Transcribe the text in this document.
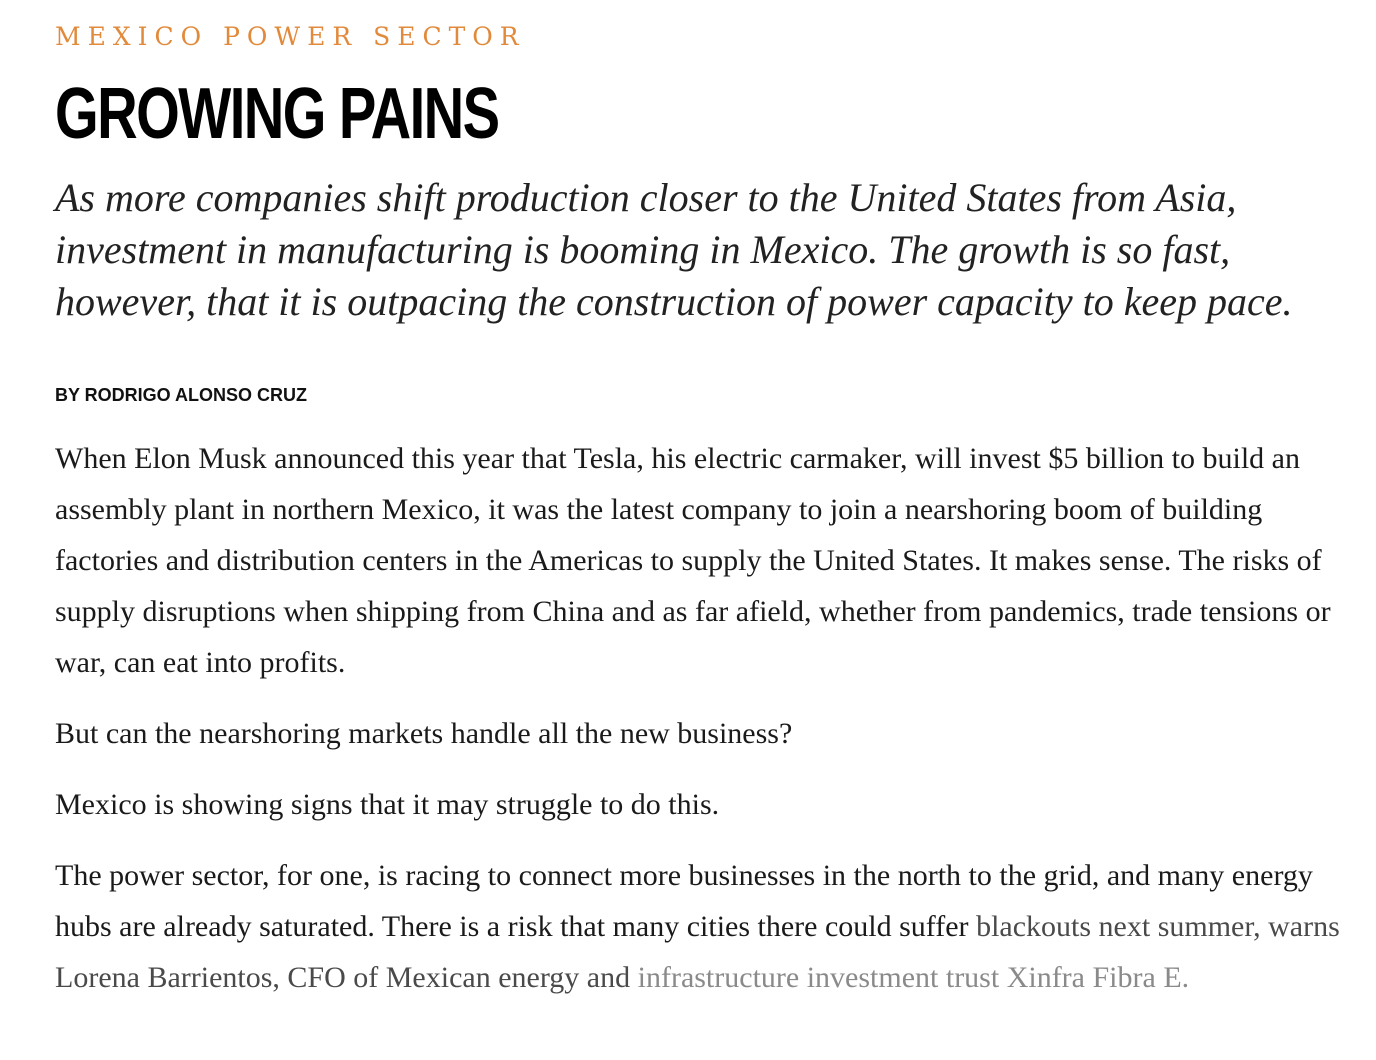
MEXICO POWER SECTOR
GROWING PAINS

As more companies shift production closer to the United States from Asia, investment in manufacturing is booming in Mexico. The growth is so fast, however, that it is outpacing the construction of power capacity to keep pace.

BY RODRIGO ALONSO CRUZ

When Elon Musk announced this year that Tesla, his electric carmaker, will invest $5 billion to build an assembly plant in northern Mexico, it was the latest company to join a nearshoring boom of building factories and distribution centers in the Americas to supply the United States. It makes sense. The risks of supply disruptions when shipping from China and as far afield, whether from pandemics, trade tensions or war, can eat into profits.

But can the nearshoring markets handle all the new business?

Mexico is showing signs that it may struggle to do this.

The power sector, for one, is racing to connect more businesses in the north to the grid, and many energy hubs are already saturated. There is a risk that many cities there could suffer blackouts next summer, warns Lorena Barrientos, CFO of Mexican energy and infrastructure investment trust Xinfra Fibra E.
